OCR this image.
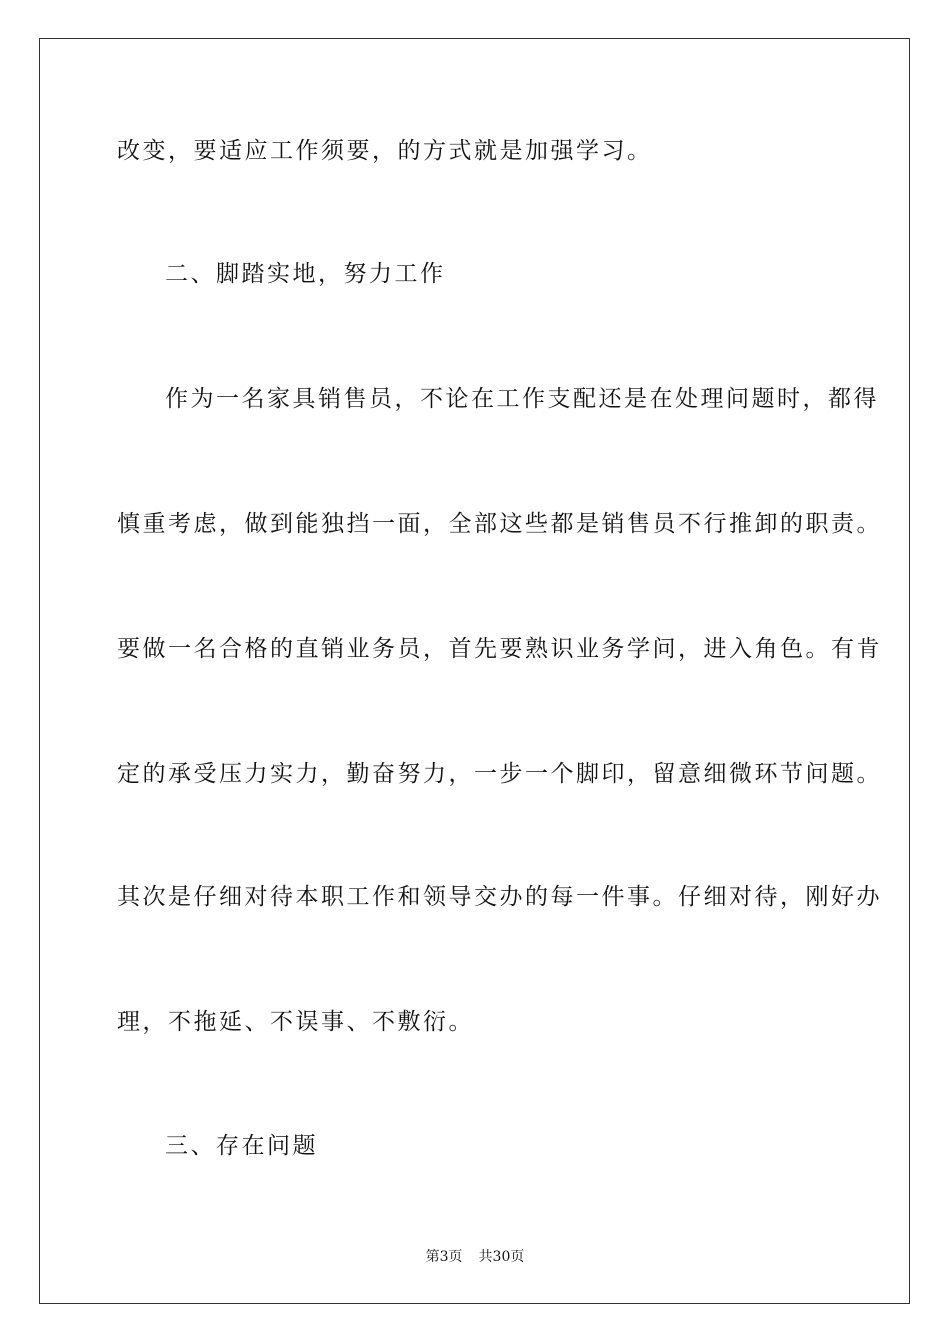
改变，要适应工作须要，的方式就是加强学习。
二、脚踏实地，努力工作
作为一名家具销售员，不论在工作支配还是在处理问题时，都得
慎重考虑，做到能独挡一面，全部这些都是销售员不行推卸的职责。
要做一名合格的直销业务员，首先要熟识业务学问，进入角色。有肯
定的承受压力实力，勤奋努力，一步一个脚印，留意细微环节问题。
其次是仔细对待本职工作和领导交办的每一件事。仔细对待，刚好办
理，不拖延、不误事、不敷衍。
三、存在问题
第3页 共30页
